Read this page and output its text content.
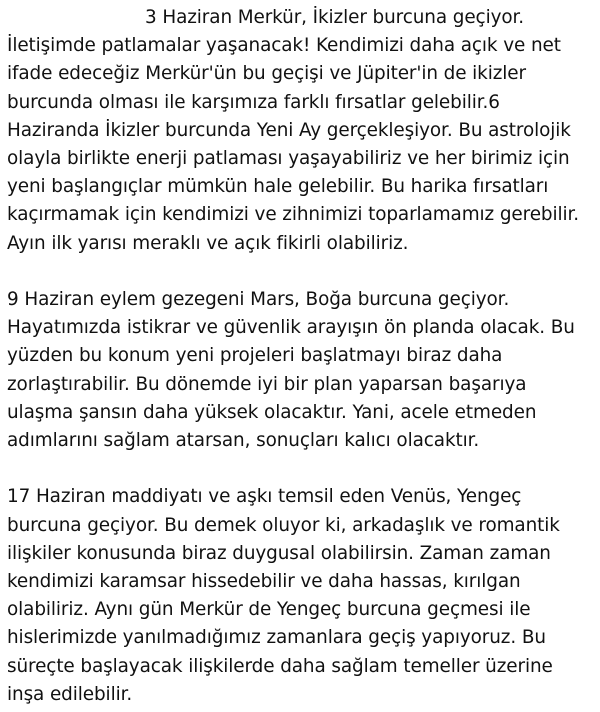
3 Haziran Merkür, İkizler burcuna geçiyor.
İletişimde patlamalar yaşanacak! Kendimizi daha açık ve net
ifade edeceğiz Merkür'ün bu geçişi ve Jüpiter'in de ikizler
burcunda olması ile karşımıza farklı fırsatlar gelebilir.6
Haziranda İkizler burcunda Yeni Ay gerçekleşiyor. Bu astrolojik
olayla birlikte enerji patlaması yaşayabiliriz ve her birimiz için
yeni başlangıçlar mümkün hale gelebilir. Bu harika fırsatları
kaçırmamak için kendimizi ve zihnimizi toparlamamız gerebilir.
Ayın ilk yarısı meraklı ve açık fikirli olabiliriz.

9 Haziran eylem gezegeni Mars, Boğa burcuna geçiyor.
Hayatımızda istikrar ve güvenlik arayışın ön planda olacak. Bu
yüzden bu konum yeni projeleri başlatmayı biraz daha
zorlaştırabilir. Bu dönemde iyi bir plan yaparsan başarıya
ulaşma şansın daha yüksek olacaktır. Yani, acele etmeden
adımlarını sağlam atarsan, sonuçları kalıcı olacaktır.

17 Haziran maddiyatı ve aşkı temsil eden Venüs, Yengeç
burcuna geçiyor. Bu demek oluyor ki, arkadaşlık ve romantik
ilişkiler konusunda biraz duygusal olabilirsin. Zaman zaman
kendimizi karamsar hissedebilir ve daha hassas, kırılgan
olabiliriz. Aynı gün Merkür de Yengeç burcuna geçmesi ile
hislerimizde yanılmadığımız zamanlara geçiş yapıyoruz. Bu
süreçte başlayacak ilişkilerde daha sağlam temeller üzerine
inşa edilebilir.
